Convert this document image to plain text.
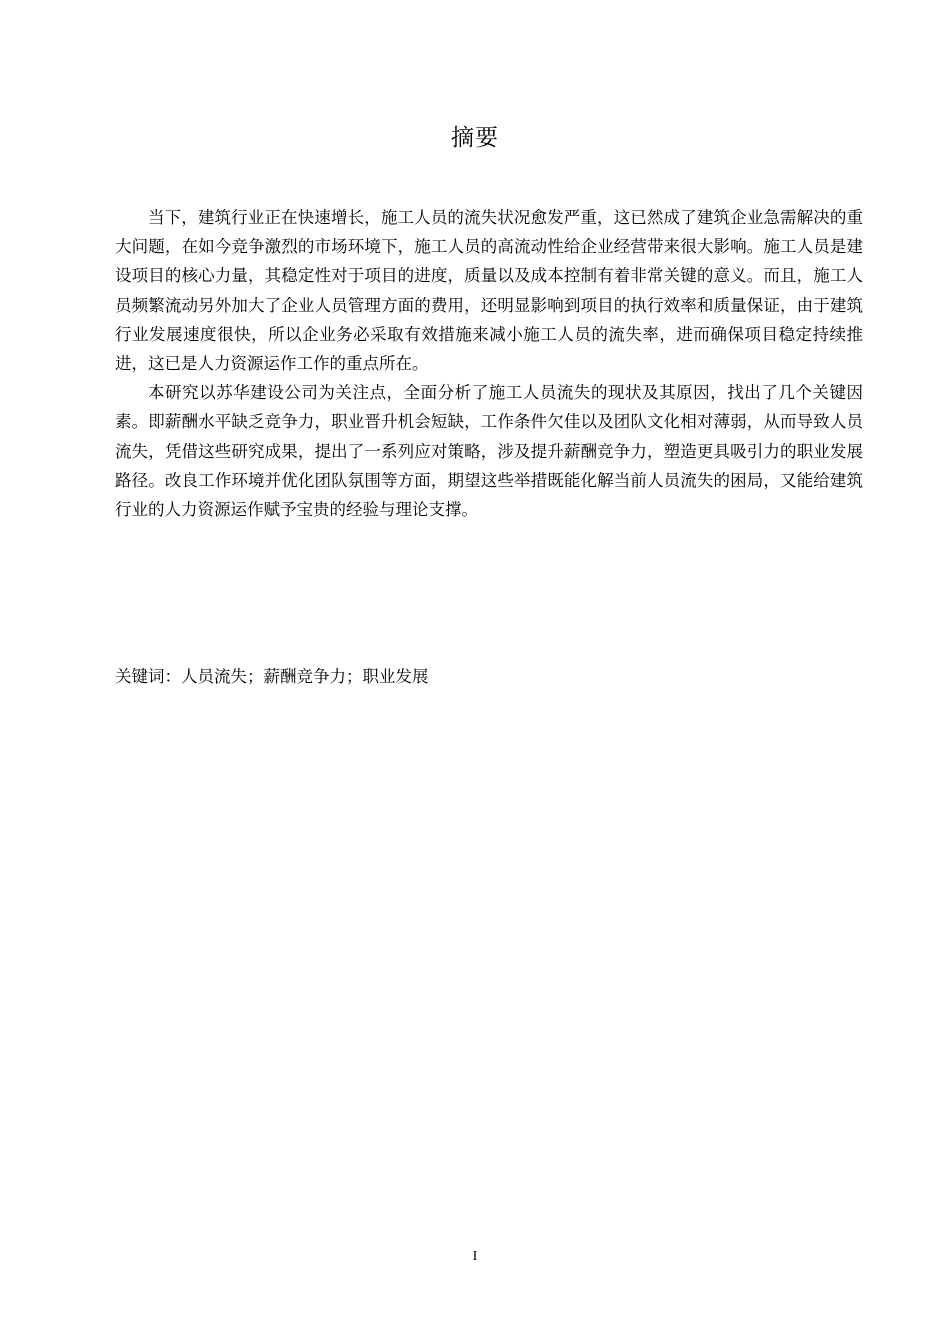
摘要

当下，建筑行业正在快速增长，施工人员的流失状况愈发严重，这已然成了建筑企业急需解决的重大问题，在如今竞争激烈的市场环境下，施工人员的高流动性给企业经营带来很大影响。施工人员是建设项目的核心力量，其稳定性对于项目的进度，质量以及成本控制有着非常关键的意义。而且，施工人员频繁流动另外加大了企业人员管理方面的费用，还明显影响到项目的执行效率和质量保证，由于建筑行业发展速度很快，所以企业务必采取有效措施来减小施工人员的流失率，进而确保项目稳定持续推进，这已是人力资源运作工作的重点所在。

本研究以苏华建设公司为关注点，全面分析了施工人员流失的现状及其原因，找出了几个关键因素。即薪酬水平缺乏竞争力，职业晋升机会短缺，工作条件欠佳以及团队文化相对薄弱，从而导致人员流失，凭借这些研究成果，提出了一系列应对策略，涉及提升薪酬竞争力，塑造更具吸引力的职业发展路径。改良工作环境并优化团队氛围等方面，期望这些举措既能化解当前人员流失的困局，又能给建筑行业的人力资源运作赋予宝贵的经验与理论支撑。

关键词：人员流失；薪酬竞争力；职业发展
I
